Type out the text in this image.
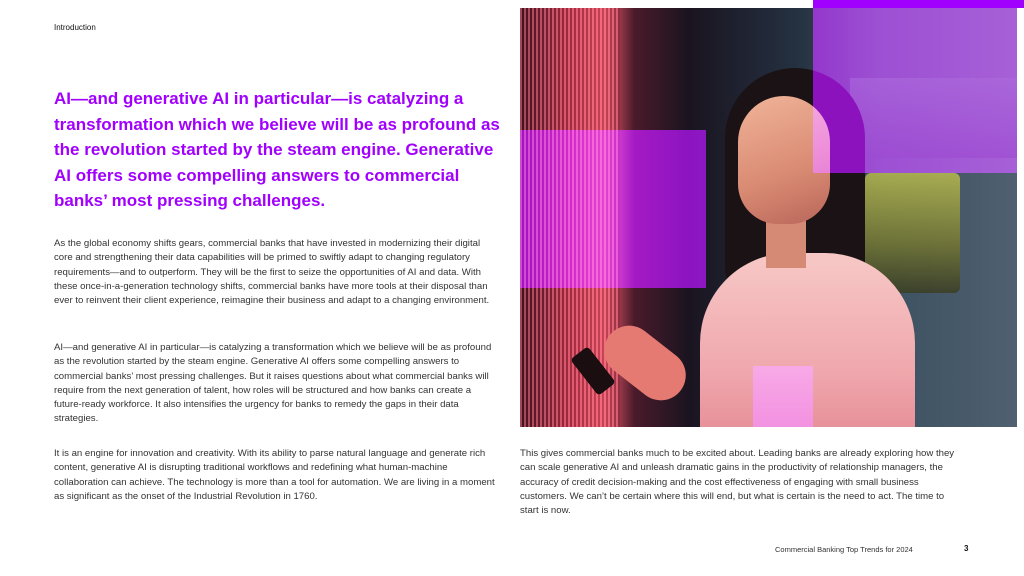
Introduction
AI—and generative AI in particular—is catalyzing a transformation which we believe will be as profound as the revolution started by the steam engine. Generative AI offers some compelling answers to commercial banks’ most pressing challenges.

As the global economy shifts gears, commercial banks that have invested in modernizing their digital core and strengthening their data capabilities will be primed to swiftly adapt to changing regulatory requirements—and to outperform. They will be the first to seize the opportunities of AI and data. With these once-in-a-generation technology shifts, commercial banks have more tools at their disposal than ever to reinvent their client experience, reimagine their business and adapt to a changing environment.

AI—and generative AI in particular—is catalyzing a transformation which we believe will be as profound as the revolution started by the steam engine. Generative AI offers some compelling answers to commercial banks’ most pressing challenges. But it raises questions about what commercial banks will require from the next generation of talent, how roles will be structured and how banks can create a future-ready workforce. It also intensifies the urgency for banks to remedy the gaps in their data strategies.

It is an engine for innovation and creativity. With its ability to parse natural language and generate rich content, generative AI is disrupting traditional workflows and redefining what human-machine collaboration can achieve. The technology is more than a tool for automation. We are living in a moment as significant as the onset of the Industrial Revolution in 1760.

This gives commercial banks much to be excited about. Leading banks are already exploring how they can scale generative AI and unleash dramatic gains in the productivity of relationship managers, the accuracy of credit decision-making and the cost effectiveness of engaging with small business customers. We can’t be certain where this will end, but what is certain is the need to act. The time to start is now.

Commercial Banking Top Trends for 2024	3
